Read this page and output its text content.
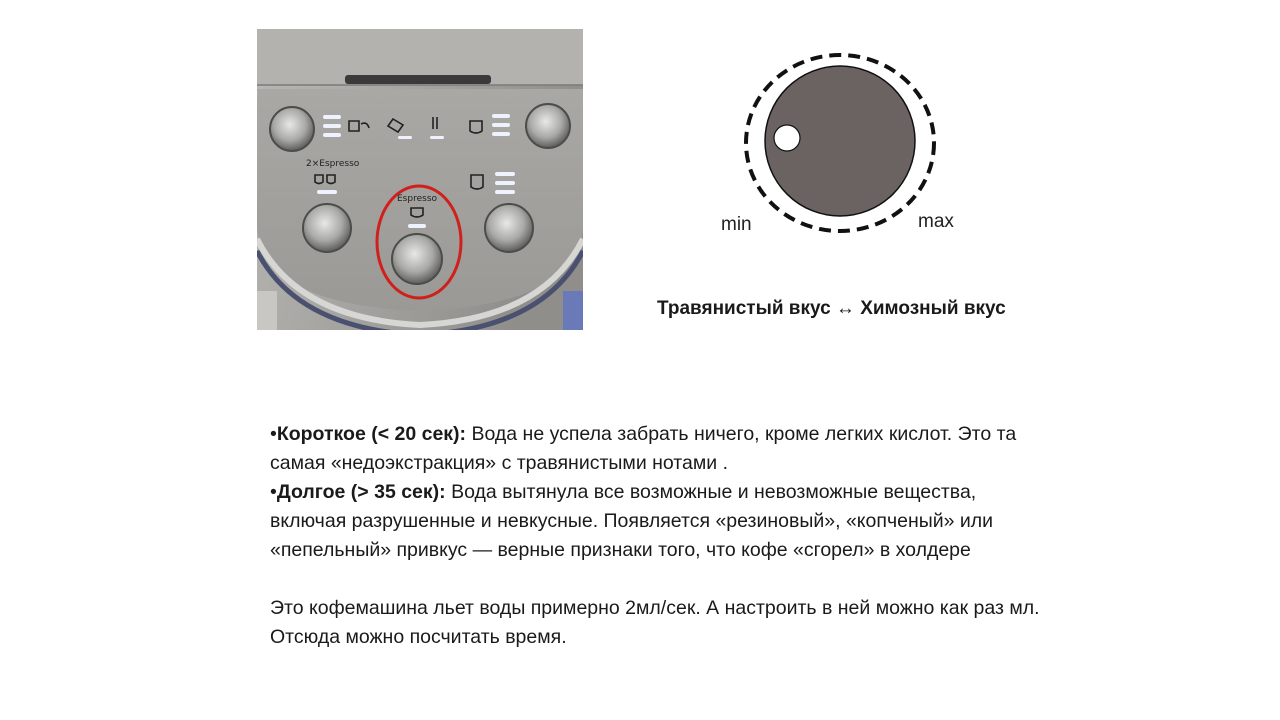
2×Espresso
Espresso
min	max
Травянистый вкус ↔ Химозный вкус

•Короткое (< 20 сек): Вода не успела забрать ничего, кроме легких кислот. Это та самая «недоэкстракция» с травянистыми нотами .

•Долгое (> 35 сек): Вода вытянула все возможные и невозможные вещества, включая разрушенные и невкусные. Появляется «резиновый», «копченый» или «пепельный» привкус — верные признаки того, что кофе «сгорел» в холдере

Это кофемашина льет воды примерно 2мл/сек. А настроить в ней можно как раз мл. Отсюда можно посчитать время.
